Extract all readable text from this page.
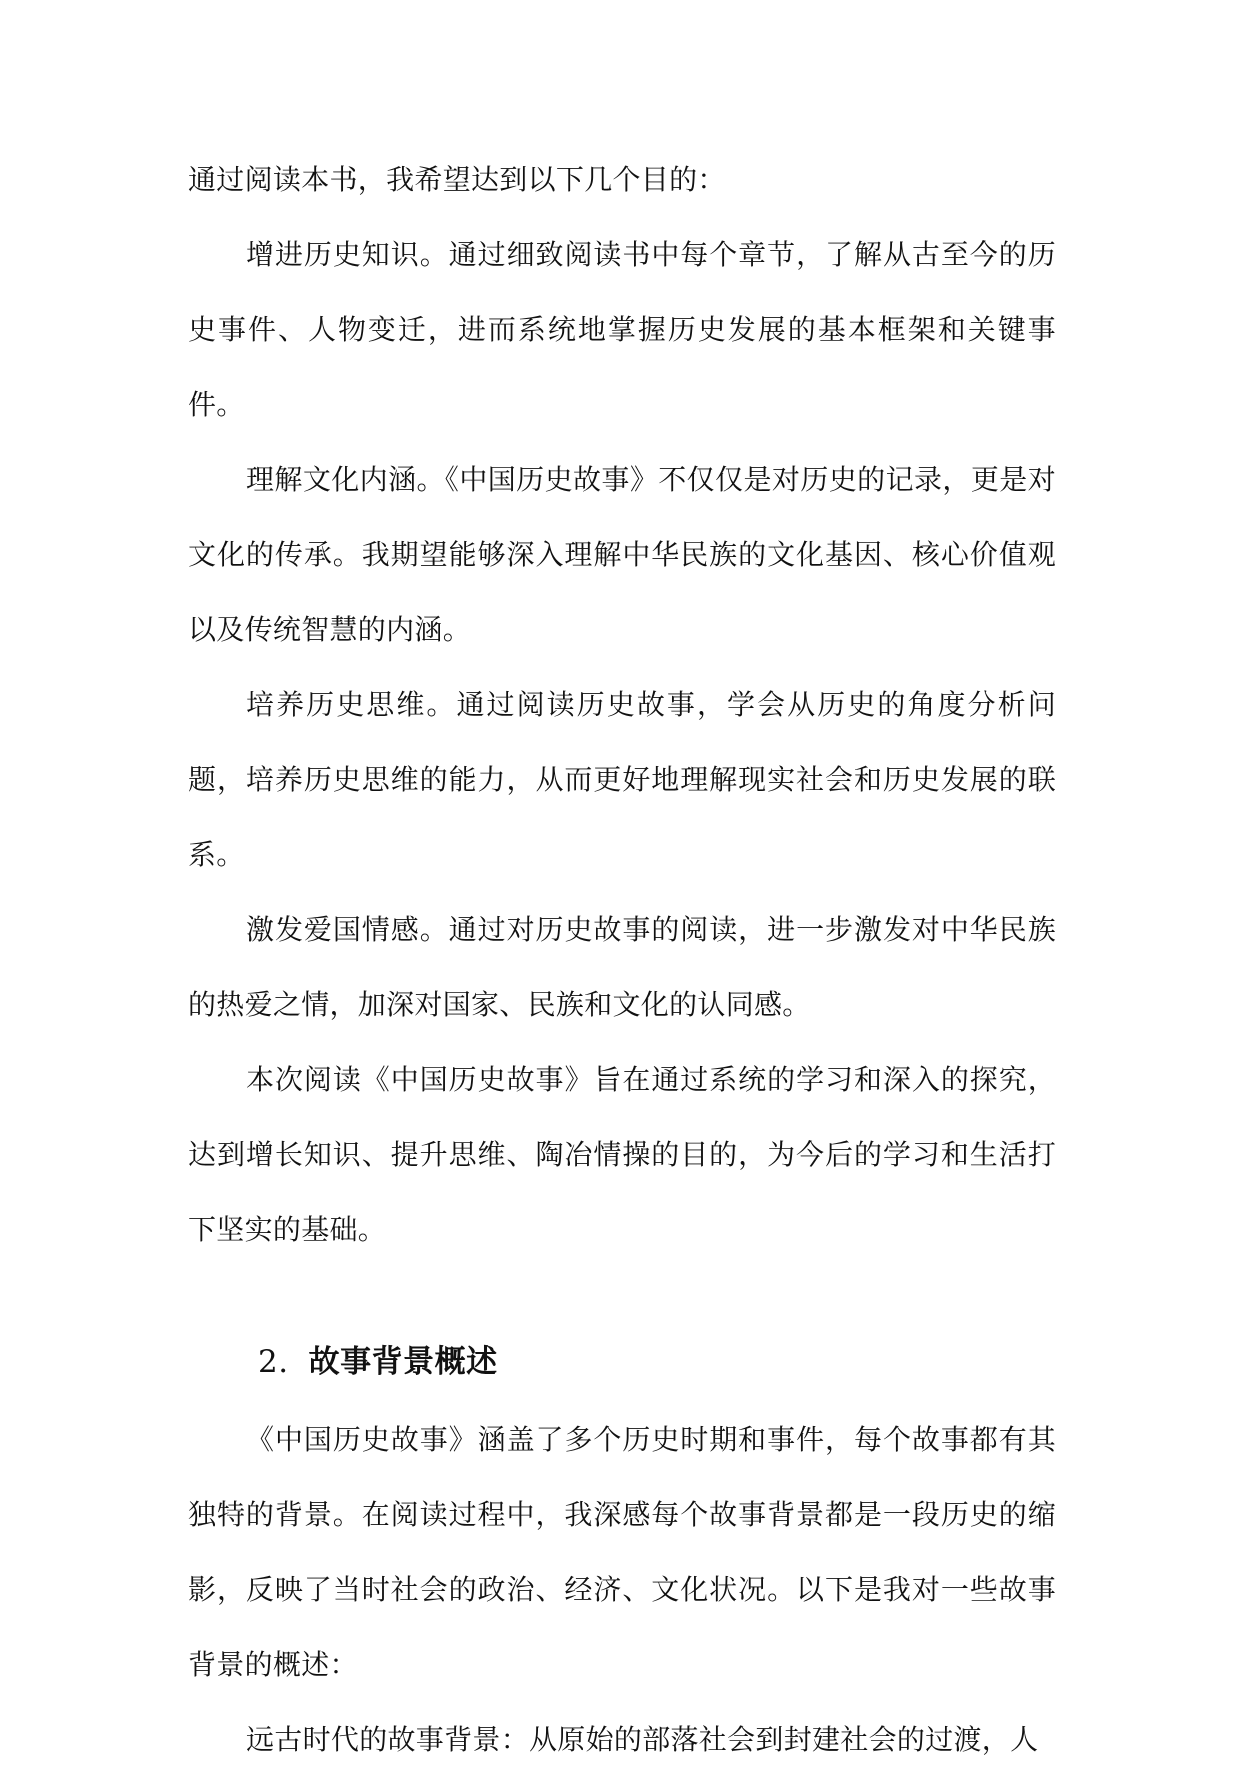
通过阅读本书，我希望达到以下几个目的：

增进历史知识。通过细致阅读书中每个章节，了解从古至今的历史事件、人物变迁，进而系统地掌握历史发展的基本框架和关键事件。

理解文化内涵。《中国历史故事》不仅仅是对历史的记录，更是对文化的传承。我期望能够深入理解中华民族的文化基因、核心价值观以及传统智慧的内涵。

培养历史思维。通过阅读历史故事，学会从历史的角度分析问题，培养历史思维的能力，从而更好地理解现实社会和历史发展的联系。

激发爱国情感。通过对历史故事的阅读，进一步激发对中华民族的热爱之情，加深对国家、民族和文化的认同感。

本次阅读《中国历史故事》旨在通过系统的学习和深入的探究，达到增长知识、提升思维、陶冶情操的目的，为今后的学习和生活打下坚实的基础。

2. 故事背景概述

《中国历史故事》涵盖了多个历史时期和事件，每个故事都有其独特的背景。在阅读过程中，我深感每个故事背景都是一段历史的缩影，反映了当时社会的政治、经济、文化状况。以下是我对一些故事背景的概述：

远古时代的故事背景：从原始的部落社会到封建社会的过渡，人
